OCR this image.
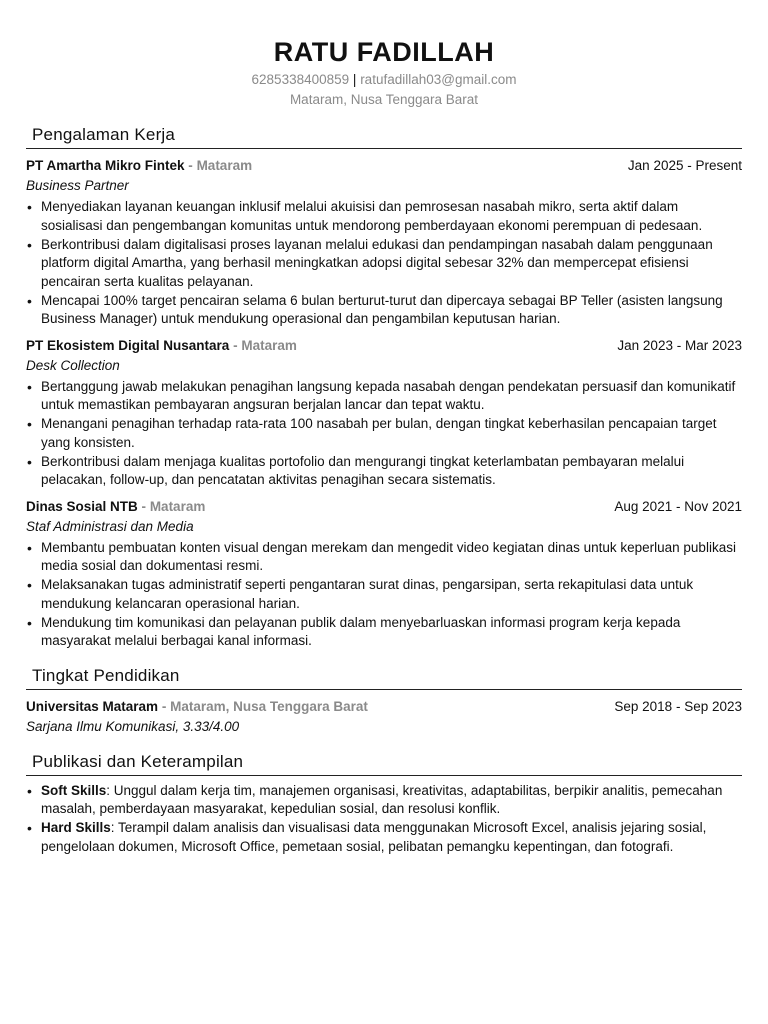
RATU FADILLAH
6285338400859 | ratufadillah03@gmail.com
Mataram, Nusa Tenggara Barat
Pengalaman Kerja
PT Amartha Mikro Fintek - Mataram	Jan 2025 - Present
Business Partner
• Menyediakan layanan keuangan inklusif melalui akuisisi dan pemrosesan nasabah mikro, serta aktif dalam sosialisasi dan pengembangan komunitas untuk mendorong pemberdayaan ekonomi perempuan di pedesaan.
• Berkontribusi dalam digitalisasi proses layanan melalui edukasi dan pendampingan nasabah dalam penggunaan platform digital Amartha, yang berhasil meningkatkan adopsi digital sebesar 32% dan mempercepat efisiensi pencairan serta kualitas pelayanan.
• Mencapai 100% target pencairan selama 6 bulan berturut-turut dan dipercaya sebagai BP Teller (asisten langsung Business Manager) untuk mendukung operasional dan pengambilan keputusan harian.
PT Ekosistem Digital Nusantara - Mataram	Jan 2023 - Mar 2023
Desk Collection
• Bertanggung jawab melakukan penagihan langsung kepada nasabah dengan pendekatan persuasif dan komunikatif untuk memastikan pembayaran angsuran berjalan lancar dan tepat waktu.
• Menangani penagihan terhadap rata-rata 100 nasabah per bulan, dengan tingkat keberhasilan pencapaian target yang konsisten.
• Berkontribusi dalam menjaga kualitas portofolio dan mengurangi tingkat keterlambatan pembayaran melalui pelacakan, follow-up, dan pencatatan aktivitas penagihan secara sistematis.
Dinas Sosial NTB - Mataram	Aug 2021 - Nov 2021
Staf Administrasi dan Media
• Membantu pembuatan konten visual dengan merekam dan mengedit video kegiatan dinas untuk keperluan publikasi media sosial dan dokumentasi resmi.
• Melaksanakan tugas administratif seperti pengantaran surat dinas, pengarsipan, serta rekapitulasi data untuk mendukung kelancaran operasional harian.
• Mendukung tim komunikasi dan pelayanan publik dalam menyebarluaskan informasi program kerja kepada masyarakat melalui berbagai kanal informasi.
Tingkat Pendidikan
Universitas Mataram - Mataram, Nusa Tenggara Barat	Sep 2018 - Sep 2023
Sarjana Ilmu Komunikasi, 3.33/4.00
Publikasi dan Keterampilan
• Soft Skills: Unggul dalam kerja tim, manajemen organisasi, kreativitas, adaptabilitas, berpikir analitis, pemecahan masalah, pemberdayaan masyarakat, kepedulian sosial, dan resolusi konflik.
• Hard Skills: Terampil dalam analisis dan visualisasi data menggunakan Microsoft Excel, analisis jejaring sosial, pengelolaan dokumen, Microsoft Office, pemetaan sosial, pelibatan pemangku kepentingan, dan fotografi.
